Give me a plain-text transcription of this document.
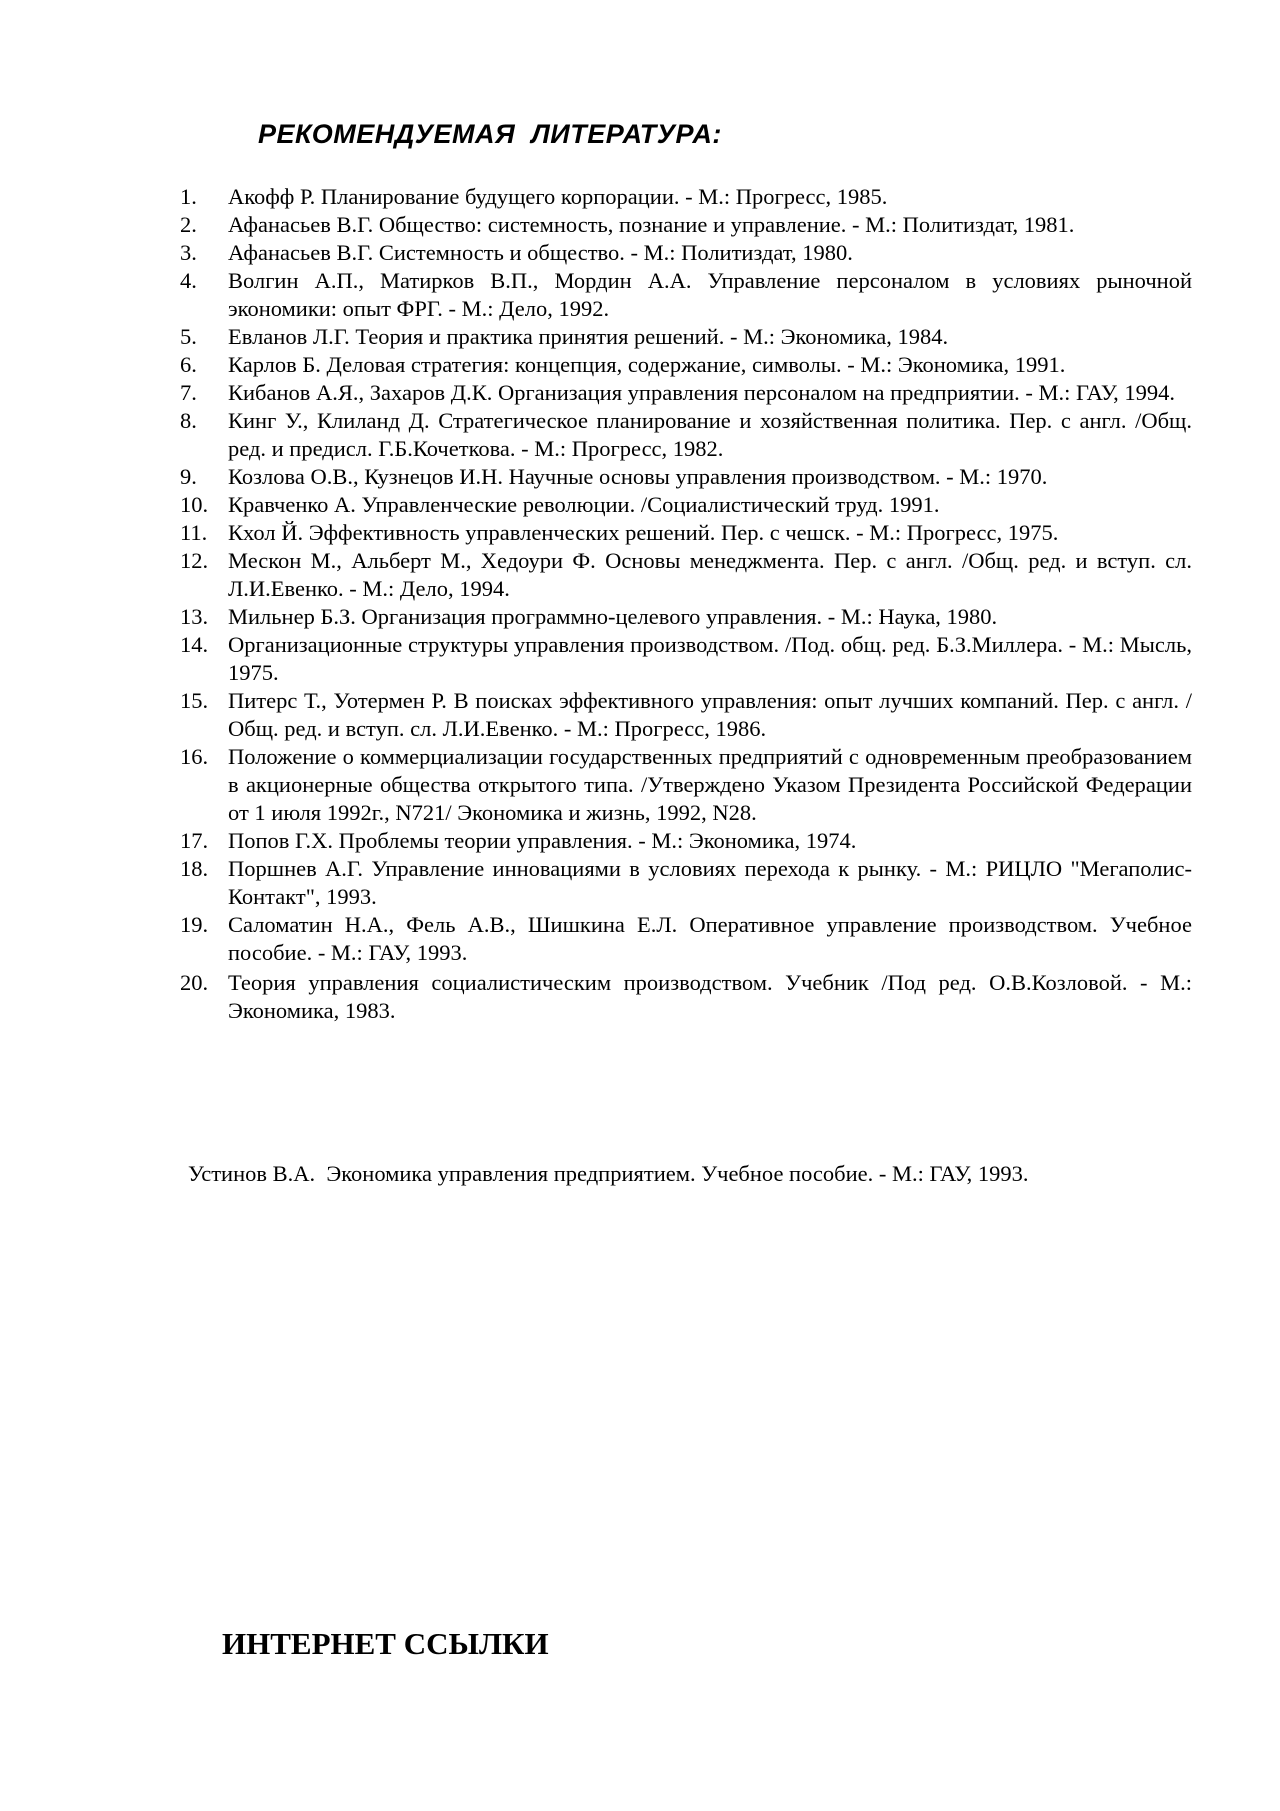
РЕКОМЕНДУЕМАЯ  ЛИТЕРАТУРА:
1.	Акофф Р. Планирование будущего корпорации. - М.: Прогресс, 1985.
2.	Афанасьев В.Г. Общество: системность, познание и управление. - М.: Политиздат, 1981.
3.	Афанасьев В.Г. Системность и общество. - М.: Политиздат, 1980.
4.	Волгин А.П., Матирков В.П., Мордин А.А. Управление персоналом в условиях рыночной экономики: опыт ФРГ. - М.: Дело, 1992.
5.	Евланов Л.Г. Теория и практика принятия решений. - М.: Экономика, 1984.
6.	Карлов Б. Деловая стратегия: концепция, содержание, символы. - М.: Экономика, 1991.
7.	Кибанов А.Я., Захаров Д.К. Организация управления персоналом на предприятии. - М.: ГАУ, 1994.
8.	Кинг У., Клиланд Д. Стратегическое планирование и хозяйственная политика. Пер. с англ. /Общ. ред. и предисл. Г.Б.Кочеткова. - М.: Прогресс, 1982.
9.	Козлова О.В., Кузнецов И.Н. Научные основы управления производством. - М.: 1970.
10. Кравченко А. Управленческие революции. /Социалистический труд. 1991.
11. Кхол Й. Эффективность управленческих решений. Пер. с чешск. - М.: Прогресс, 1975.
12. Мескон М., Альберт М., Хедоури Ф. Основы менеджмента. Пер. с англ. /Общ. ред. и вступ. сл. Л.И.Евенко. - М.: Дело, 1994.
13. Мильнер Б.З. Организация программно-целевого управления. - М.: Наука, 1980.
14. Организационные структуры управления производством. /Под. общ. ред. Б.З.Миллера. - М.: Мысль, 1975.
15. Питерс Т., Уотермен Р. В поисках эффективного управления: опыт лучших компаний. Пер. с англ. /Общ. ред. и вступ. сл. Л.И.Евенко. - М.: Прогресс, 1986.
16. Положение о коммерциализации государственных предприятий с одновременным преобразованием в акционерные общества открытого типа. /Утверждено Указом Президента Российской Федерации от 1 июля 1992г., N721/ Экономика и жизнь, 1992, N28.
17. Попов Г.Х. Проблемы теории управления. - М.: Экономика, 1974.
18. Поршнев А.Г. Управление инновациями в условиях перехода к рынку. - М.: РИЦЛО "Мегаполис-Контакт", 1993.
19. Саломатин Н.А., Фель А.В., Шишкина Е.Л. Оперативное управление производством. Учебное пособие. - М.: ГАУ, 1993.
20. Теория управления социалистическим производством. Учебник /Под ред. О.В.Козловой. - М.: Экономика, 1983.

Устинов В.А.  Экономика управления предприятием. Учебное пособие. - М.: ГАУ, 1993.

ИНТЕРНЕТ ССЫЛКИ
